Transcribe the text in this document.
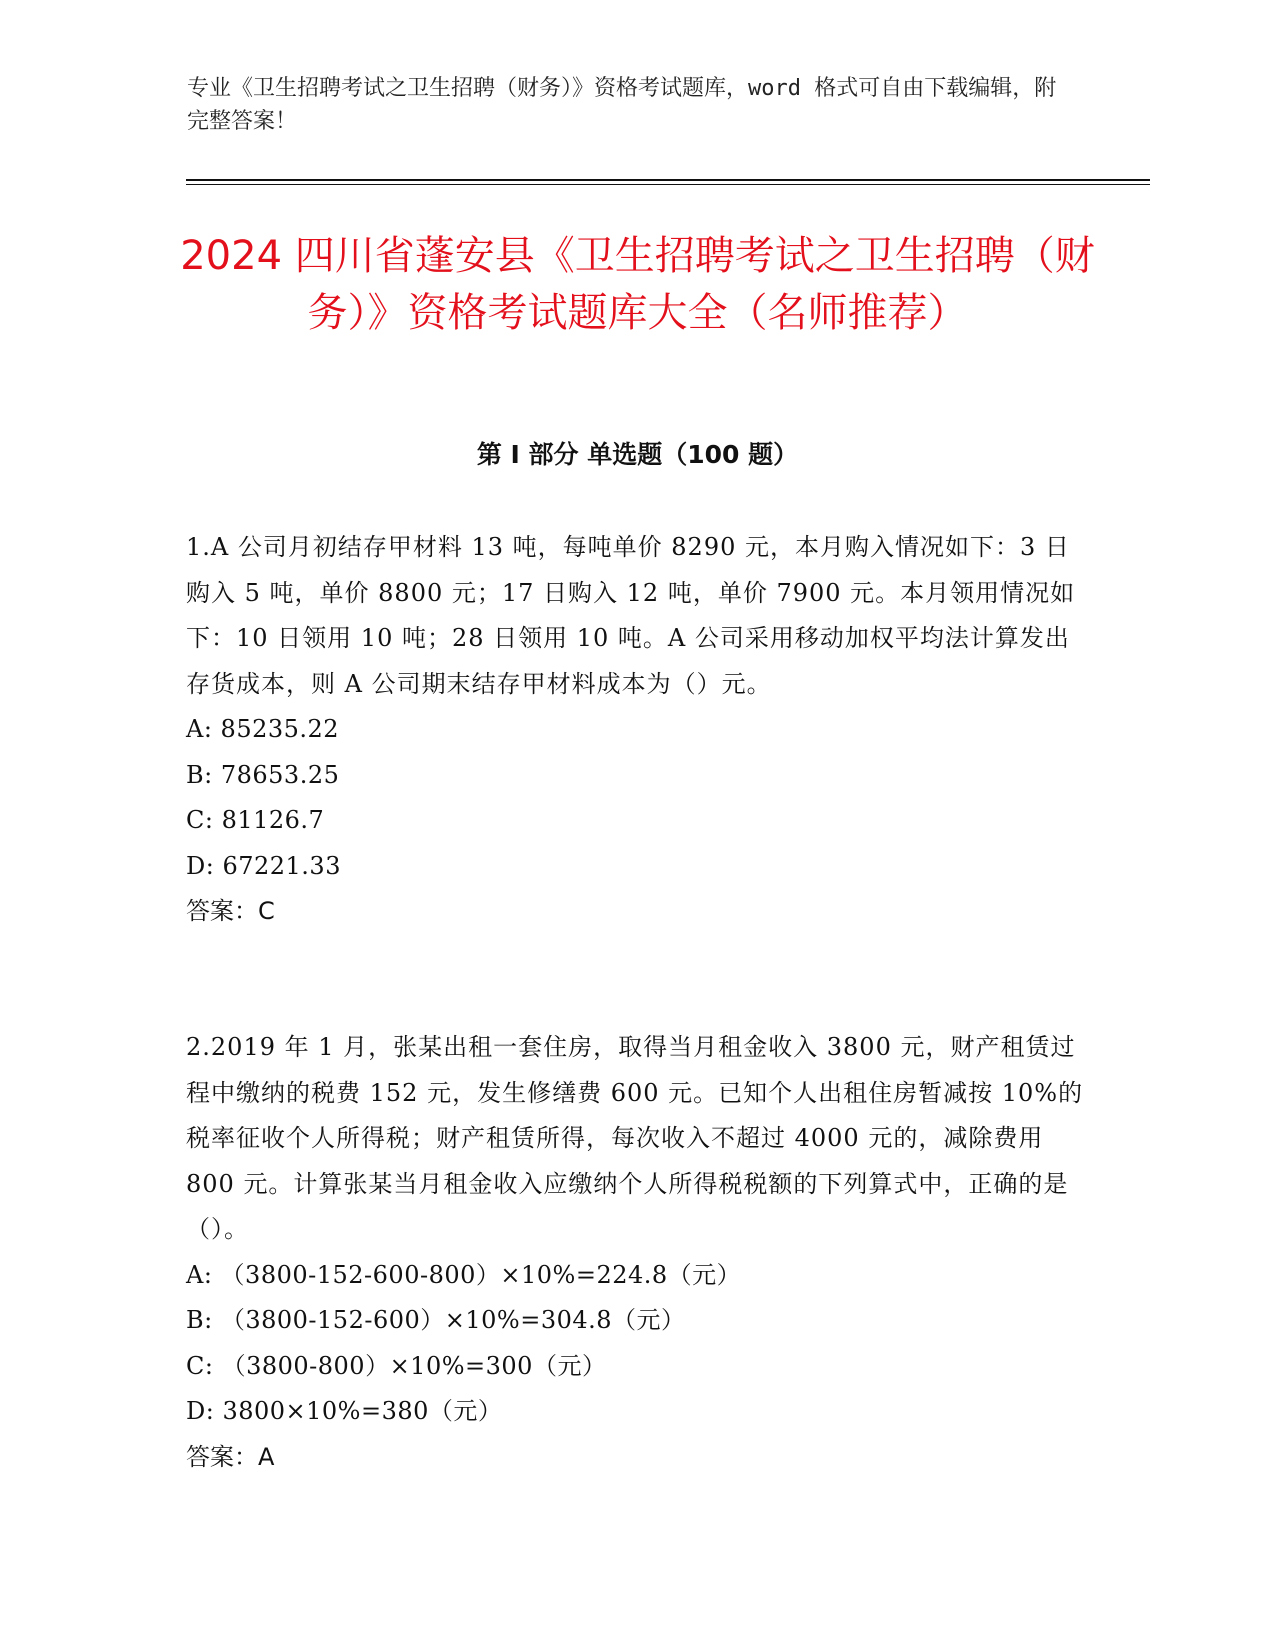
专业《卫生招聘考试之卫生招聘（财务）》资格考试题库，word 格式可自由下载编辑，附完整答案！
2024 四川省蓬安县《卫生招聘考试之卫生招聘（财务）》资格考试题库大全（名师推荐）
第 I 部分 单选题（100 题）
1.A 公司月初结存甲材料 13 吨，每吨单价 8290 元，本月购入情况如下：3 日购入 5 吨，单价 8800 元；17 日购入 12 吨，单价 7900 元。本月领用情况如下：10 日领用 10 吨；28 日领用 10 吨。A 公司采用移动加权平均法计算发出存货成本，则 A 公司期末结存甲材料成本为（）元。
A: 85235.22
B: 78653.25
C: 81126.7
D: 67221.33
答案：C
2.2019 年 1 月，张某出租一套住房，取得当月租金收入 3800 元，财产租赁过程中缴纳的税费 152 元，发生修缮费 600 元。已知个人出租住房暂减按 10%的税率征收个人所得税；财产租赁所得，每次收入不超过 4000 元的，减除费用 800 元。计算张某当月租金收入应缴纳个人所得税税额的下列算式中，正确的是（）。
A: （3800-152-600-800）×10%=224.8（元）
B: （3800-152-600）×10%=304.8（元）
C: （3800-800）×10%=300（元）
D: 3800×10%=380（元）
答案：A
